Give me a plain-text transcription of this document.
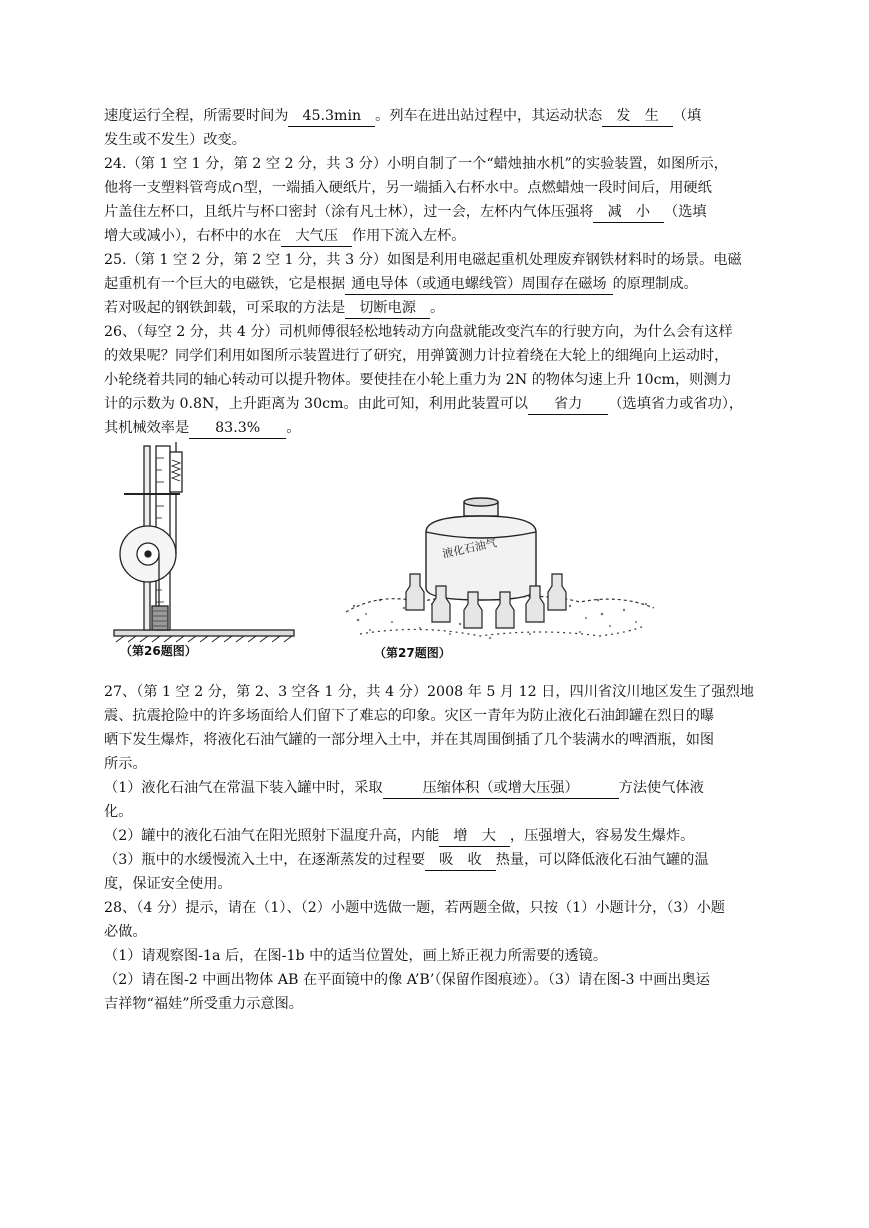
速度运行全程，所需要时间为 45.3min 。列车在进出站过程中，其运动状态 发　生 （填
发生或不发生）改变。
24.（第 1 空 1 分，第 2 空 2 分，共 3 分）小明自制了一个“蜡烛抽水机”的实验装置，如图所示，
他将一支塑料管弯成∩型，一端插入硬纸片，另一端插入右杯水中。点燃蜡烛一段时间后，用硬纸
片盖住左杯口，且纸片与杯口密封（涂有凡士林），过一会，左杯内气体压强将 减　小 （选填
增大或减小），右杯中的水在 大气压 作用下流入左杯。
25.（第 1 空 2 分，第 2 空 1 分，共 3 分）如图是利用电磁起重机处理废弃钢铁材料时的场景。电磁
起重机有一个巨大的电磁铁，它是根据 通电导体（或通电螺线管）周围存在磁场 的原理制成。
若对吸起的钢铁卸载，可采取的方法是 切断电源 。
26、（每空 2 分，共 4 分）司机师傅很轻松地转动方向盘就能改变汽车的行驶方向，为什么会有这样
的效果呢？同学们利用如图所示装置进行了研究，用弹簧测力计拉着绕在大轮上的细绳向上运动时，
小轮绕着共同的轴心转动可以提升物体。要使挂在小轮上重力为 2N 的物体匀速上升 10cm，则测力
计的示数为 0.8N，上升距离为 30cm。由此可知，利用此装置可以 省力 （选填省力或省功），
其机械效率是 83.3% 。
（第26题图）
液化石油气
（第27题图）
27、（第 1 空 2 分，第 2、3 空各 1 分，共 4 分）2008 年 5 月 12 日，四川省汶川地区发生了强烈地
震、抗震抢险中的许多场面给人们留下了难忘的印象。灾区一青年为防止液化石油卸罐在烈日的曝
晒下发生爆炸，将液化石油气罐的一部分埋入土中，并在其周围倒插了几个装满水的啤酒瓶，如图
所示。
（1）液化石油气在常温下装入罐中时，采取	压缩体积（或增大压强）	方法使气体液
化。
（2）罐中的液化石油气在阳光照射下温度升高，内能 增　大 ，压强增大，容易发生爆炸。
（3）瓶中的水缓慢流入土中，在逐渐蒸发的过程要 吸　收 热量，可以降低液化石油气罐的温
度，保证安全使用。
28、（4 分）提示，请在（1）、（2）小题中选做一题，若两题全做，只按（1）小题计分，（3）小题
必做。
（1）请观察图-1a 后，在图-1b 中的适当位置处，画上矫正视力所需要的透镜。
（2）请在图-2 中画出物体 AB 在平面镜中的像 A’B’（保留作图痕迹）。（3）请在图-3 中画出奥运
吉祥物“福娃”所受重力示意图。
